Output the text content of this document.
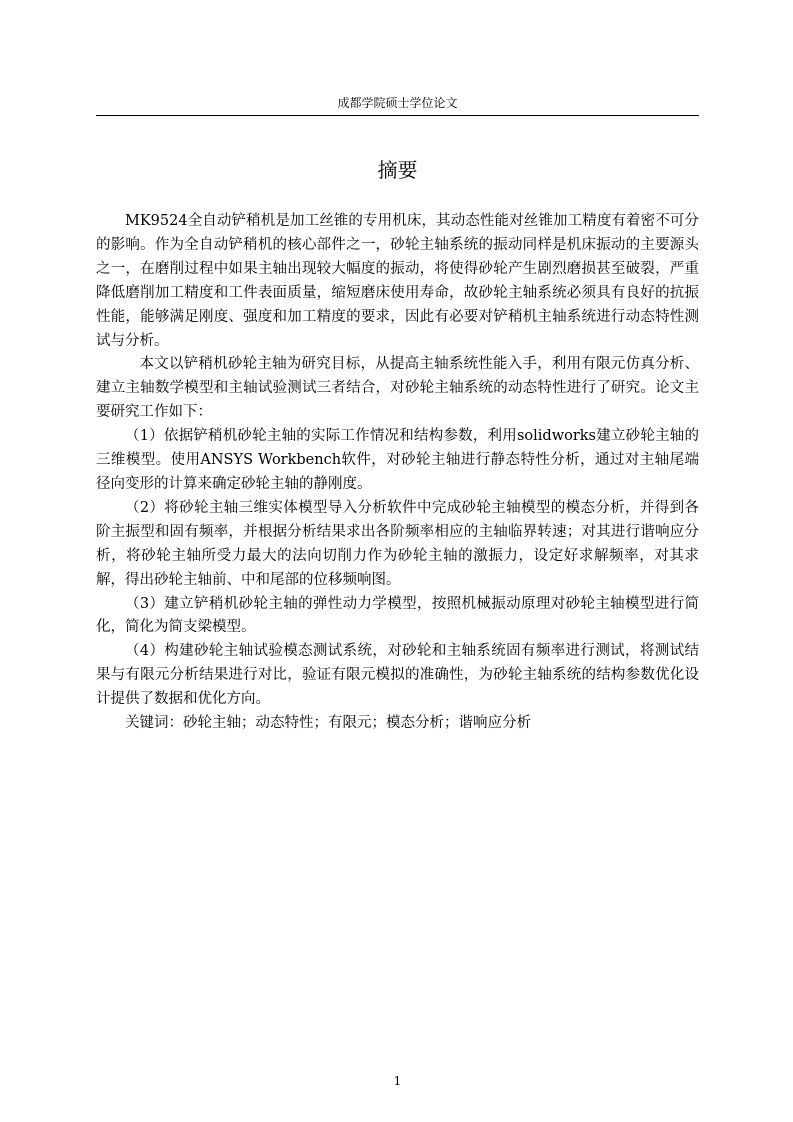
成都学院硕士学位论文
摘要

MK9524全自动铲稍机是加工丝锥的专用机床，其动态性能对丝锥加工精度有着密不可分的影响。作为全自动铲稍机的核心部件之一，砂轮主轴系统的振动同样是机床振动的主要源头之一，在磨削过程中如果主轴出现较大幅度的振动，将使得砂轮产生剧烈磨损甚至破裂，严重降低磨削加工精度和工件表面质量，缩短磨床使用寿命，故砂轮主轴系统必须具有良好的抗振性能，能够满足刚度、强度和加工精度的要求，因此有必要对铲稍机主轴系统进行动态特性测试与分析。

本文以铲稍机砂轮主轴为研究目标，从提高主轴系统性能入手，利用有限元仿真分析、建立主轴数学模型和主轴试验测试三者结合，对砂轮主轴系统的动态特性进行了研究。论文主要研究工作如下：

（1）依据铲稍机砂轮主轴的实际工作情况和结构参数，利用solidworks建立砂轮主轴的三维模型。使用ANSYS Workbench软件，对砂轮主轴进行静态特性分析，通过对主轴尾端径向变形的计算来确定砂轮主轴的静刚度。

（2）将砂轮主轴三维实体模型导入分析软件中完成砂轮主轴模型的模态分析，并得到各阶主振型和固有频率，并根据分析结果求出各阶频率相应的主轴临界转速；对其进行谐响应分析，将砂轮主轴所受力最大的法向切削力作为砂轮主轴的激振力，设定好求解频率，对其求解，得出砂轮主轴前、中和尾部的位移频响图。

（3）建立铲稍机砂轮主轴的弹性动力学模型，按照机械振动原理对砂轮主轴模型进行简化，简化为简支梁模型。

（4）构建砂轮主轴试验模态测试系统，对砂轮和主轴系统固有频率进行测试，将测试结果与有限元分析结果进行对比，验证有限元模拟的准确性，为砂轮主轴系统的结构参数优化设计提供了数据和优化方向。

关键词：砂轮主轴；动态特性；有限元；模态分析；谐响应分析

1
